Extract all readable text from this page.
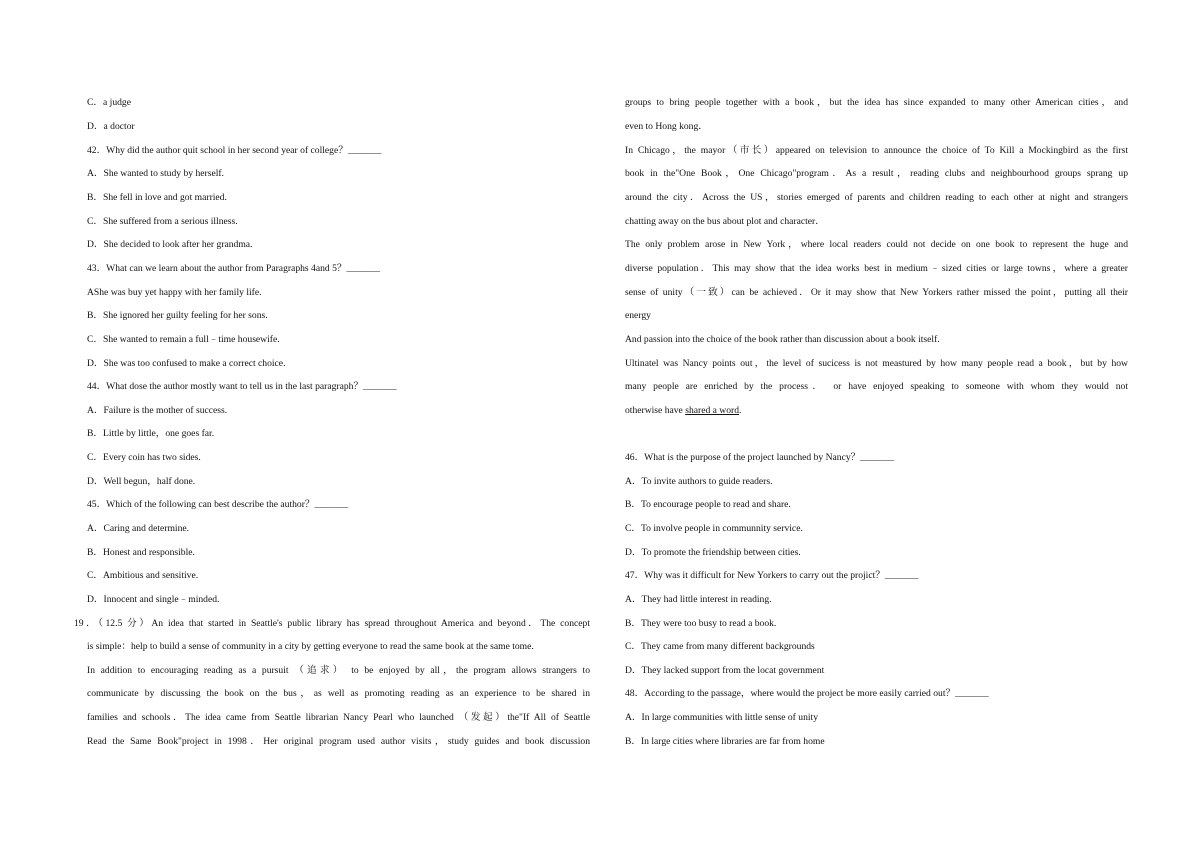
C．a judge
D．a doctor
42．Why did the author quit school in her second year of college？_______
A．She wanted to study by herself.
B．She fell in love and got married.
C．She suffered from a serious illness.
D．She decided to look after her grandma.
43．What can we learn about the author from Paragraphs 4and 5？_______
AShe was buy yet happy with her family life.
B．She ignored her guilty feeling for her sons.
C．She wanted to remain a full﹣time housewife.
D．She was too confused to make a correct choice.
44．What dose the author mostly want to tell us in the last paragraph？_______
A．Failure is the mother of success.
B．Little by little，one goes far.
C．Every coin has two sides.
D．Well begun，half done.
45．Which of the following can best describe the author？_______
A．Caring and determine.
B．Honest and responsible.
C．Ambitious and sensitive.
D．Innocent and single﹣minded.
19．（12.5 分）An idea that started in Seattle's public library has spread throughout America and beyond．The concept
is simple：help to build a sense of community in a city by getting everyone to read the same book at the same tome.
In addition to encouraging reading as a pursuit （追求） to be enjoyed by all，the program allows strangers to
communicate by discussing the book on the bus，as well as promoting reading as an experience to be shared in
families and schools．The idea came from Seattle librarian Nancy Pearl who launched （发起）the"If All of Seattle
Read the Same Book"project in 1998．Her original program used author visits，study guides and book discussion
groups to bring people together with a book，but the idea has since expanded to many other American cities，and
even to Hong kong．
In Chicago，the mayor（市长）appeared on television to announce the choice of To Kill a Mockingbird as the first
book in the"One Book，One Chicago"program．As a result，reading clubs and neighbourhood groups sprang up
around the city．Across the US，stories emerged of parents and children reading to each other at night and strangers
chatting away on the bus about plot and character．
The only problem arose in New York，where local readers could not decide on one book to represent the huge and
diverse population．This may show that the idea works best in medium﹣sized cities or large towns，where a greater
sense of unity（一致）can be achieved．Or it may show that New Yorkers rather missed the point，putting all their
energy
And passion into the choice of the book rather than discussion about a book itself.
Ultinatel was Nancy points out，the level of sucicess is not meastured by how many people read a book，but by how
many people are enriched by the process． or have enjoyed speaking to someone with whom they would not
otherwise have shared a word.
46．What is the purpose of the project launched by Nancy？_______
A．To invite authors to guide readers.
B．To encourage people to read and share.
C．To involve people in communnity service.
D．To promote the friendship between cities.
47．Why was it difficult for New Yorkers to carry out the projict？_______
A．They had little interest in reading.
B．They were too busy to read a book.
C．They came from many different backgrounds
D．They lacked support from the locat government
48．According to the passage，where would the project be more easily carried out？_______
A．In large communities with little sense of unity
B．In large cities where libraries are far from home
